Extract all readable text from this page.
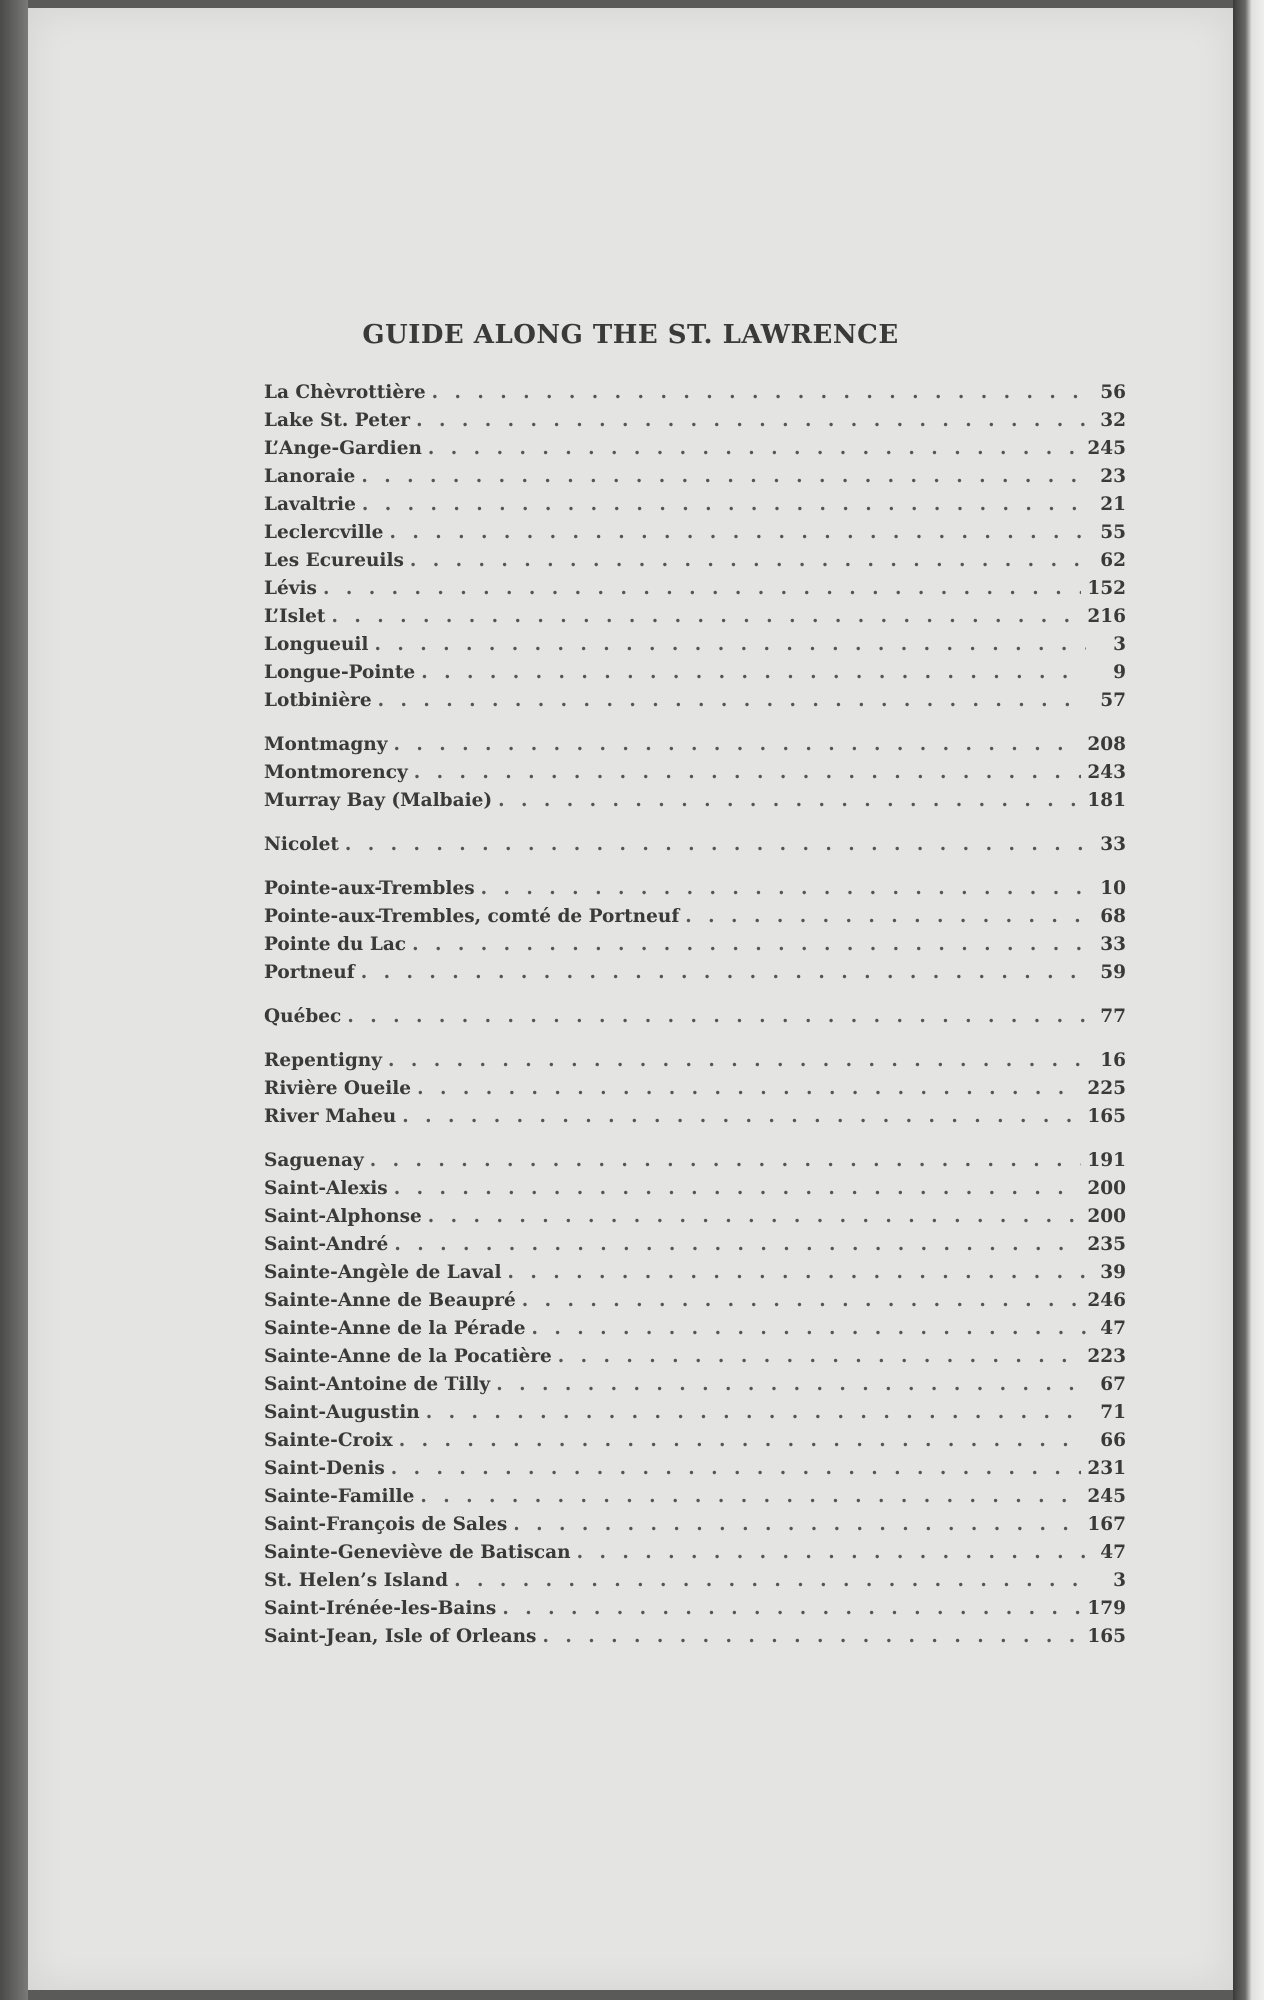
GUIDE ALONG THE ST. LAWRENCE
La Chèvrottière . . .	56
Lake St. Peter . . .	32
L’Ange-Gardien . . .	245
Lanoraie . . .	23
Lavaltrie . . .	21
Leclercville . . .	55
Les Ecureuils . . .	62
Lévis . . .	152
L’Islet . . .	216
Longueuil . . .	3
Longue-Pointe . . .	9
Lotbinière . . .	57
Montmagny . . .	208
Montmorency . . .	243
Murray Bay (Malbaie) . . .	181
Nicolet . . .	33
Pointe-aux-Trembles . . .	10
Pointe-aux-Trembles, comté de Portneuf . . .	68
Pointe du Lac . . .	33
Portneuf . . .	59
Québec . . .	77
Repentigny . . .	16
Rivière Oueile . . .	225
River Maheu . . .	165
Saguenay . . .	191
Saint-Alexis . . .	200
Saint-Alphonse . . .	200
Saint-André . . .	235
Sainte-Angèle de Laval . . .	39
Sainte-Anne de Beaupré . . .	246
Sainte-Anne de la Pérade . . .	47
Sainte-Anne de la Pocatière . . .	223
Saint-Antoine de Tilly . . .	67
Saint-Augustin . . .	71
Sainte-Croix . . .	66
Saint-Denis . . .	231
Sainte-Famille . . .	245
Saint-François de Sales . . .	167
Sainte-Geneviève de Batiscan . . .	47
St. Helen’s Island . . .	3
Saint-Irénée-les-Bains . . .	179
Saint-Jean, Isle of Orleans . . .	165
